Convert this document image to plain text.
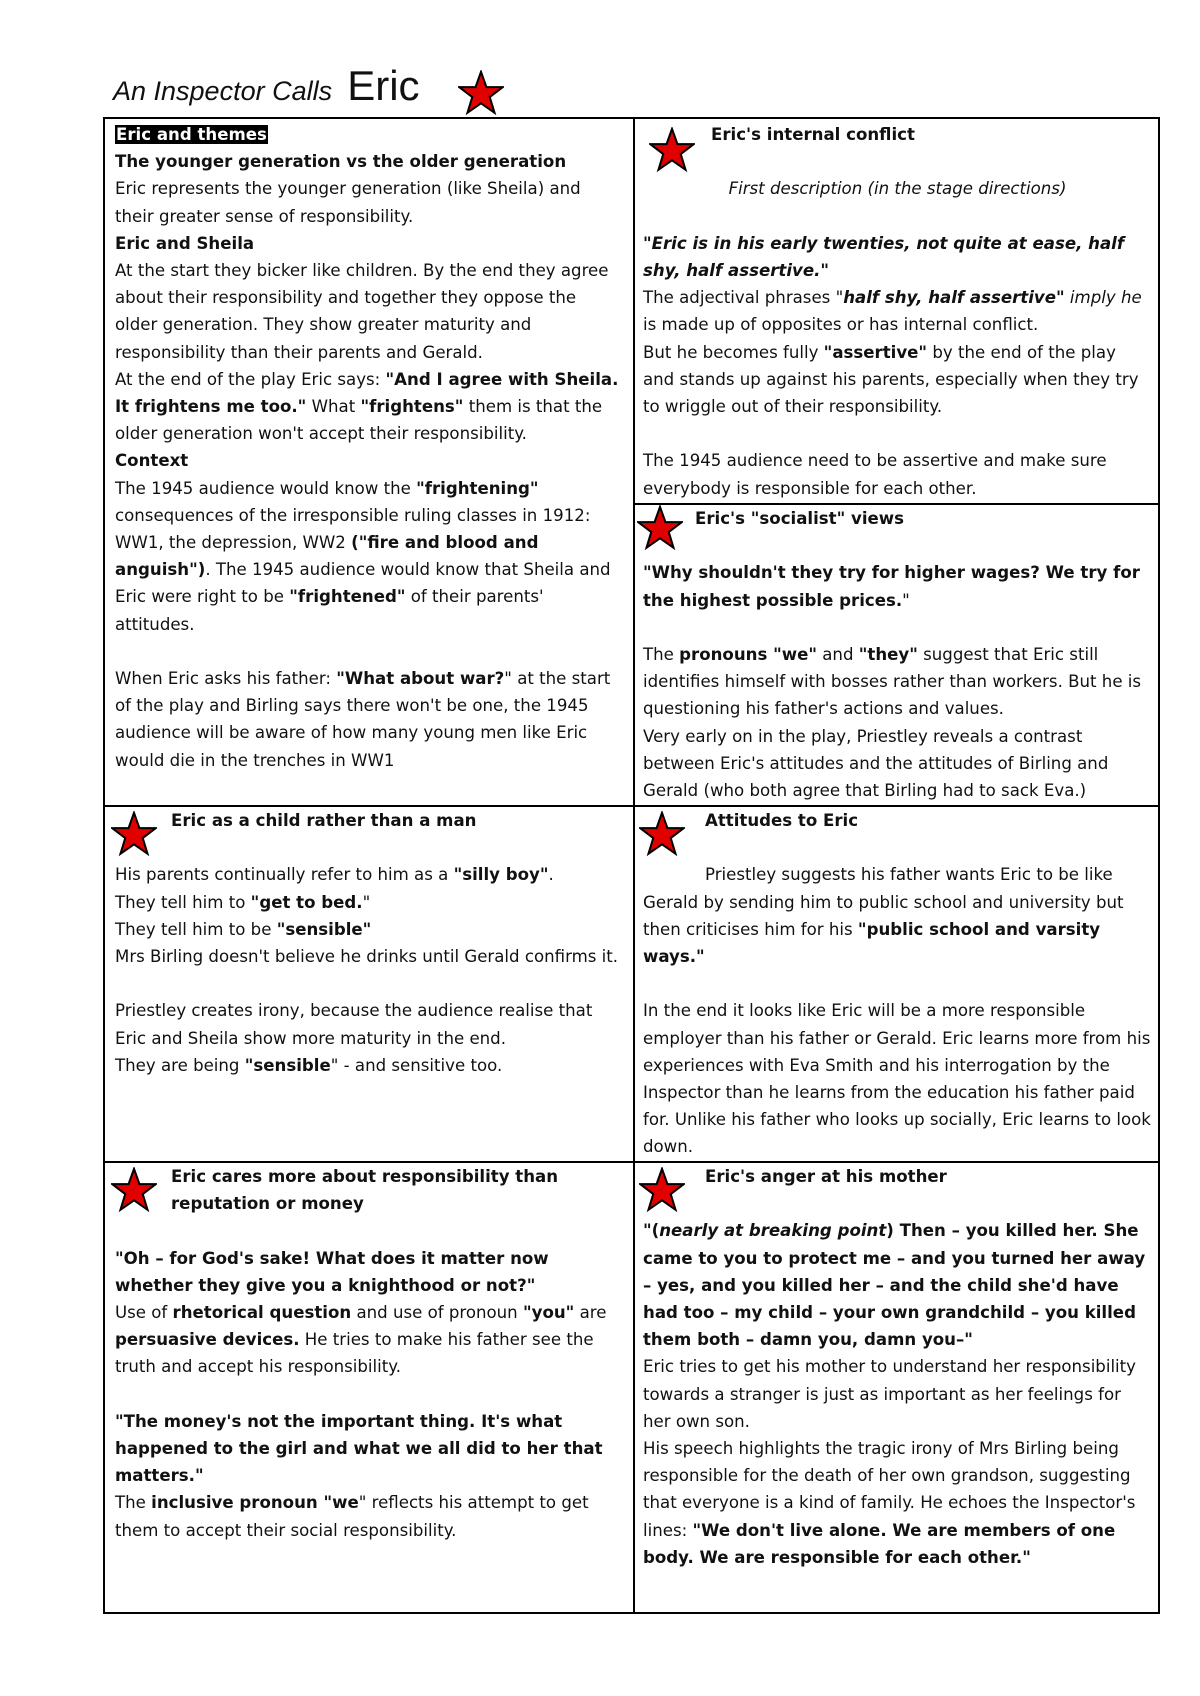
An Inspector Calls Eric

Eric and themes

The younger generation vs the older generation

Eric represents the younger generation (like Sheila) and their greater sense of responsibility.

Eric and Sheila

At the start they bicker like children. By the end they agree about their responsibility and together they oppose the older generation. They show greater maturity and responsibility than their parents and Gerald.

At the end of the play Eric says: "And I agree with Sheila. It frightens me too." What "frightens" them is that the older generation won't accept their responsibility.

Context

The 1945 audience would know the "frightening" consequences of the irresponsible ruling classes in 1912: WW1, the depression, WW2 ("fire and blood and anguish"). The 1945 audience would know that Sheila and Eric were right to be "frightened" of their parents' attitudes.

When Eric asks his father: "What about war?" at the start of the play and Birling says there won't be one, the 1945 audience will be aware of how many young men like Eric would die in the trenches in WW1

Eric's internal conflict

First description (in the stage directions)

"Eric is in his early twenties, not quite at ease, half shy, half assertive."

The adjectival phrases "half shy, half assertive" imply he is made up of opposites or has internal conflict.

But he becomes fully "assertive" by the end of the play and stands up against his parents, especially when they try to wriggle out of their responsibility.

The 1945 audience need to be assertive and make sure everybody is responsible for each other.

Eric's "socialist" views

"Why shouldn't they try for higher wages? We try for the highest possible prices."

The pronouns "we" and "they" suggest that Eric still identifies himself with bosses rather than workers. But he is questioning his father's actions and values.

Very early on in the play, Priestley reveals a contrast between Eric's attitudes and the attitudes of Birling and Gerald (who both agree that Birling had to sack Eva.)

Eric as a child rather than a man

His parents continually refer to him as a "silly boy".

They tell him to "get to bed."

They tell him to be "sensible"

Mrs Birling doesn't believe he drinks until Gerald confirms it.

Priestley creates irony, because the audience realise that Eric and Sheila show more maturity in the end.

They are being "sensible" - and sensitive too.

Attitudes to Eric

Priestley suggests his father wants Eric to be like Gerald by sending him to public school and university but then criticises him for his "public school and varsity ways."

In the end it looks like Eric will be a more responsible employer than his father or Gerald. Eric learns more from his experiences with Eva Smith and his interrogation by the Inspector than he learns from the education his father paid for. Unlike his father who looks up socially, Eric learns to look down.

Eric cares more about responsibility than reputation or money

"Oh – for God's sake! What does it matter now whether they give you a knighthood or not?"

Use of rhetorical question and use of pronoun "you" are persuasive devices. He tries to make his father see the truth and accept his responsibility.

"The money's not the important thing. It's what happened to the girl and what we all did to her that matters."

The inclusive pronoun "we" reflects his attempt to get them to accept their social responsibility.

Eric's anger at his mother

"(nearly at breaking point) Then – you killed her. She came to you to protect me – and you turned her away – yes, and you killed her – and the child she'd have had too – my child – your own grandchild – you killed them both – damn you, damn you–"

Eric tries to get his mother to understand her responsibility towards a stranger is just as important as her feelings for her own son.

His speech highlights the tragic irony of Mrs Birling being responsible for the death of her own grandson, suggesting that everyone is a kind of family. He echoes the Inspector's lines: "We don't live alone. We are members of one body. We are responsible for each other."
